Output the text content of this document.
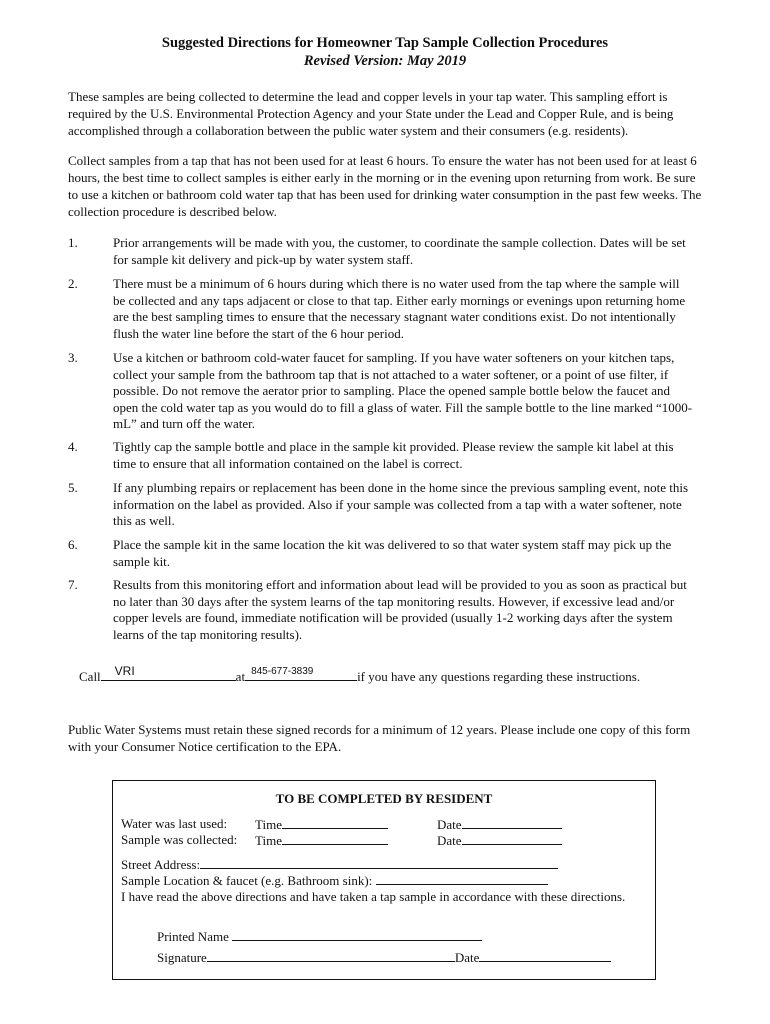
Suggested Directions for Homeowner Tap Sample Collection Procedures
Revised Version: May 2019

These samples are being collected to determine the lead and copper levels in your tap water. This sampling effort is required by the U.S. Environmental Protection Agency and your State under the Lead and Copper Rule, and is being accomplished through a collaboration between the public water system and their consumers (e.g. residents).

Collect samples from a tap that has not been used for at least 6 hours. To ensure the water has not been used for at least 6 hours, the best time to collect samples is either early in the morning or in the evening upon returning from work. Be sure to use a kitchen or bathroom cold water tap that has been used for drinking water consumption in the past few weeks. The collection procedure is described below.

1.	Prior arrangements will be made with you, the customer, to coordinate the sample collection. Dates will be set for sample kit delivery and pick-up by water system staff.

2.	There must be a minimum of 6 hours during which there is no water used from the tap where the sample will be collected and any taps adjacent or close to that tap. Either early mornings or evenings upon returning home are the best sampling times to ensure that the necessary stagnant water conditions exist. Do not intentionally flush the water line before the start of the 6 hour period.

3.	Use a kitchen or bathroom cold-water faucet for sampling. If you have water softeners on your kitchen taps, collect your sample from the bathroom tap that is not attached to a water softener, or a point of use filter, if possible. Do not remove the aerator prior to sampling. Place the opened sample bottle below the faucet and open the cold water tap as you would do to fill a glass of water. Fill the sample bottle to the line marked “1000-mL” and turn off the water.

4.	Tightly cap the sample bottle and place in the sample kit provided. Please review the sample kit label at this time to ensure that all information contained on the label is correct.

5.	If any plumbing repairs or replacement has been done in the home since the previous sampling event, note this information on the label as provided. Also if your sample was collected from a tap with a water softener, note this as well.

6.	Place the sample kit in the same location the kit was delivered to so that water system staff may pick up the sample kit.

7.	Results from this monitoring effort and information about lead will be provided to you as soon as practical but no later than 30 days after the system learns of the tap monitoring results. However, if excessive lead and/or copper levels are found, immediate notification will be provided (usually 1-2 working days after the system learns of the tap monitoring results).

Call VRI	at 845-677-3839	if you have any questions regarding these instructions.

Public Water Systems must retain these signed records for a minimum of 12 years. Please include one copy of this form with your Consumer Notice certification to the EPA.

TO BE COMPLETED BY RESIDENT
Water was last used: Time	Date
Sample was collected: Time	Date
Street Address:
Sample Location & faucet (e.g. Bathroom sink):
I have read the above directions and have taken a tap sample in accordance with these directions.
Printed Name
Signature	Date
